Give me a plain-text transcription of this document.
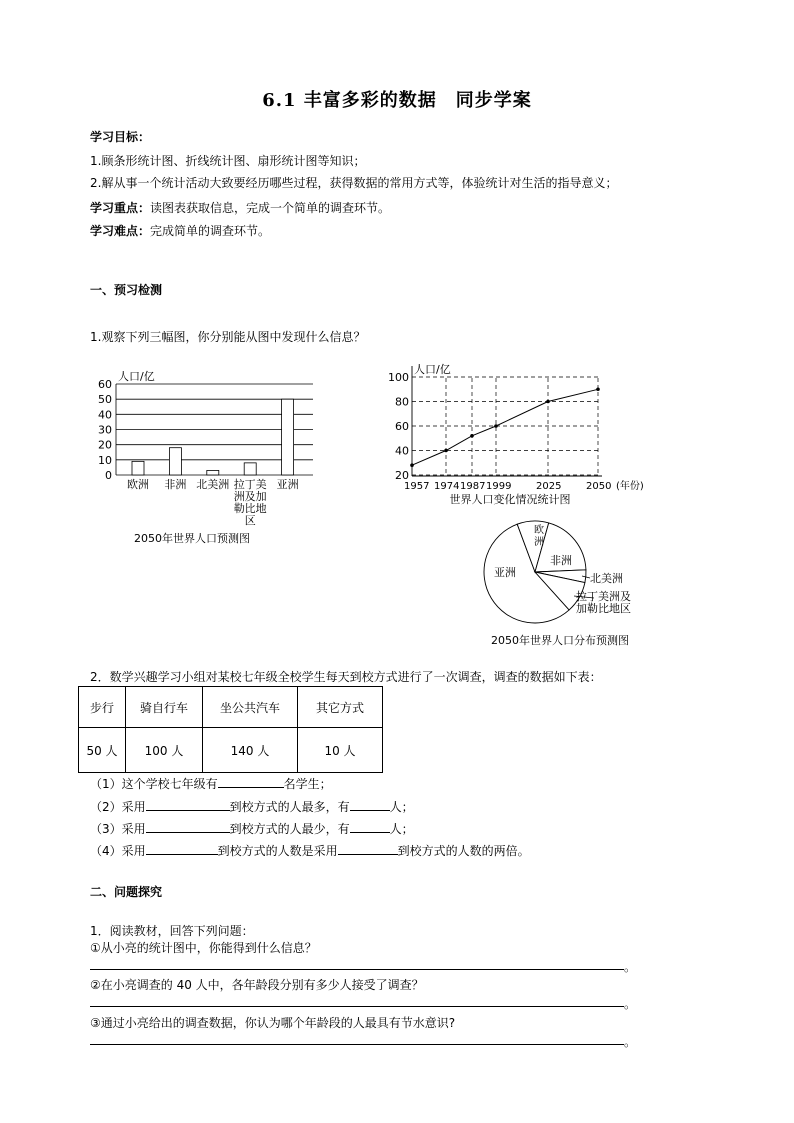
6.1 丰富多彩的数据　同步学案
学习目标：
1.顾条形统计图、折线统计图、扇形统计图等知识；
2.解从事一个统计活动大致要经历哪些过程，获得数据的常用方式等，体验统计对生活的指导意义；
学习重点：读图表获取信息，完成一个简单的调查环节。
学习难点：完成简单的调查环节。
一、预习检测
1.观察下列三幅图，你分别能从图中发现什么信息？
0
10
20
30
40
50
60
人口/亿
欧洲 非洲 北美洲 拉丁美
洲及加
勒比地
区
亚洲
2050年世界人口预测图
20
40
60
80
100
人口/亿
1957 1974 1987 1999 2025 2050 (年份)
世界人口变化情况统计图
亚洲
欧
洲
非洲
北美洲
拉丁美洲及
加勒比地区
2050年世界人口分布预测图
2．数学兴趣学习小组对某校七年级全校学生每天到校方式进行了一次调查，调查的数据如下表：
步行	骑自行车	坐公共汽车	其它方式
50 人	100 人	140 人	10 人
（1）这个学校七年级有	名学生；
（2）采用	到校方式的人最多，有	人；
（3）采用	到校方式的人最少，有	人；
（4）采用	到校方式的人数是采用	到校方式的人数的两倍。
二、问题探究
1．阅读教材，回答下列问题：
①从小亮的统计图中，你能得到什么信息？
。
②在小亮调查的 40 人中，各年龄段分别有多少人接受了调查？
。
③通过小亮给出的调查数据，你认为哪个年龄段的人最具有节水意识?
。
